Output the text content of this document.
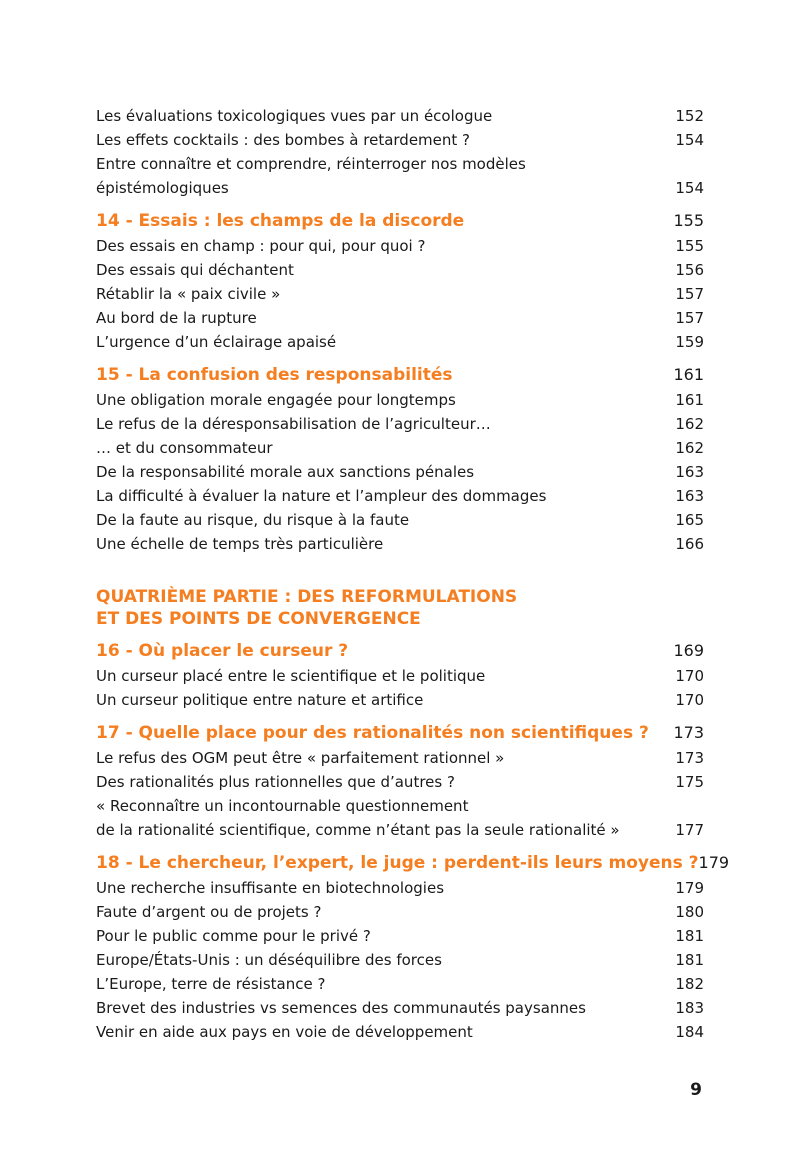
Les évaluations toxicologiques vues par un écologue	152
Les effets cocktails : des bombes à retardement ?	154
Entre connaître et comprendre, réinterroger nos modèles
épistémologiques	154
14 - Essais : les champs de la discorde	155
Des essais en champ : pour qui, pour quoi ?	155
Des essais qui déchantent	156
Rétablir la « paix civile »	157
Au bord de la rupture	157
L’urgence d’un éclairage apaisé	159
15 - La confusion des responsabilités	161
Une obligation morale engagée pour longtemps	161
Le refus de la déresponsabilisation de l’agriculteur…	162
… et du consommateur	162
De la responsabilité morale aux sanctions pénales	163
La difficulté à évaluer la nature et l’ampleur des dommages	163
De la faute au risque, du risque à la faute	165
Une échelle de temps très particulière	166
QUATRIÈME PARTIE : DES REFORMULATIONS ET DES POINTS DE CONVERGENCE
16 - Où placer le curseur ?	169
Un curseur placé entre le scientifique et le politique	170
Un curseur politique entre nature et artifice	170
17 - Quelle place pour des rationalités non scientifiques ? 173
Le refus des OGM peut être « parfaitement rationnel »	173
Des rationalités plus rationnelles que d’autres ?	175
« Reconnaître un incontournable questionnement
de la rationalité scientifique, comme n’étant pas la seule rationalité »	177
18 - Le chercheur, l’expert, le juge : perdent-ils leurs moyens ? 179
Une recherche insuffisante en biotechnologies	179
Faute d’argent ou de projets ?	180
Pour le public comme pour le privé ?	181
Europe/États-Unis : un déséquilibre des forces	181
L’Europe, terre de résistance ?	182
Brevet des industries vs semences des communautés paysannes	183
Venir en aide aux pays en voie de développement	184
9
